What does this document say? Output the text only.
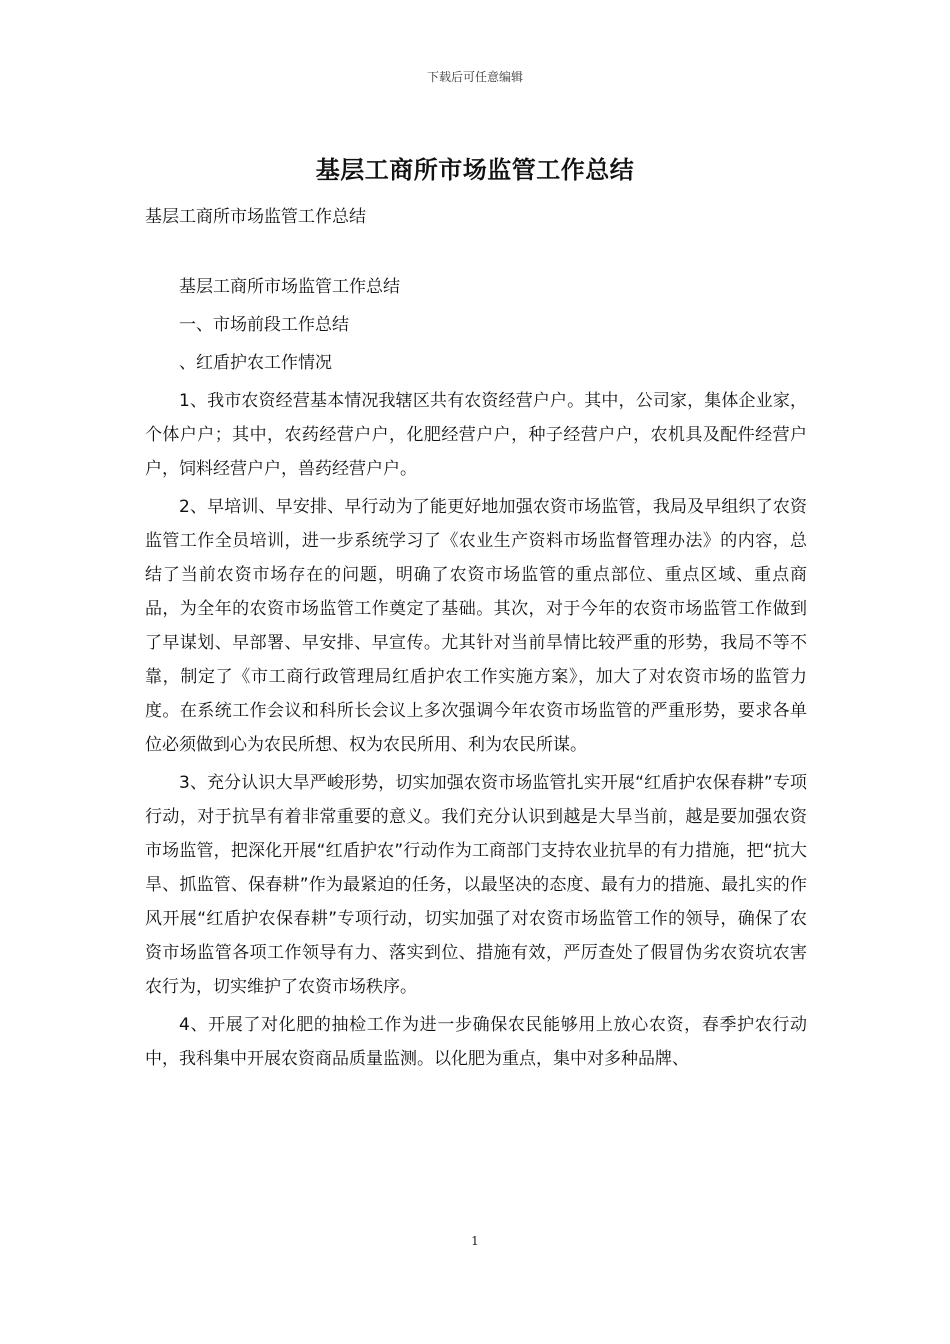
下载后可任意编辑
基层工商所市场监管工作总结
基层工商所市场监管工作总结

基层工商所市场监管工作总结

一、市场前段工作总结

、红盾护农工作情况

1、我市农资经营基本情况我辖区共有农资经营户户。其中，公司家，集体企业家，个体户户；其中，农药经营户户，化肥经营户户，种子经营户户，农机具及配件经营户户，饲料经营户户，兽药经营户户。

2、早培训、早安排、早行动为了能更好地加强农资市场监管，我局及早组织了农资监管工作全员培训，进一步系统学习了《农业生产资料市场监督管理办法》的内容，总结了当前农资市场存在的问题，明确了农资市场监管的重点部位、重点区域、重点商品，为全年的农资市场监管工作奠定了基础。其次，对于今年的农资市场监管工作做到了早谋划、早部署、早安排、早宣传。尤其针对当前旱情比较严重的形势，我局不等不靠，制定了《市工商行政管理局红盾护农工作实施方案》，加大了对农资市场的监管力度。在系统工作会议和科所长会议上多次强调今年农资市场监管的严重形势，要求各单位必须做到心为农民所想、权为农民所用、利为农民所谋。

3、充分认识大旱严峻形势，切实加强农资市场监管扎实开展“红盾护农保春耕”专项行动，对于抗旱有着非常重要的意义。我们充分认识到越是大旱当前，越是要加强农资市场监管，把深化开展“红盾护农”行动作为工商部门支持农业抗旱的有力措施，把“抗大旱、抓监管、保春耕”作为最紧迫的任务，以最坚决的态度、最有力的措施、最扎实的作风开展“红盾护农保春耕”专项行动，切实加强了对农资市场监管工作的领导，确保了农资市场监管各项工作领导有力、落实到位、措施有效，严厉查处了假冒伪劣农资坑农害农行为，切实维护了农资市场秩序。

4、开展了对化肥的抽检工作为进一步确保农民能够用上放心农资，春季护农行动中，我科集中开展农资商品质量监测。以化肥为重点，集中对多种品牌、

1
